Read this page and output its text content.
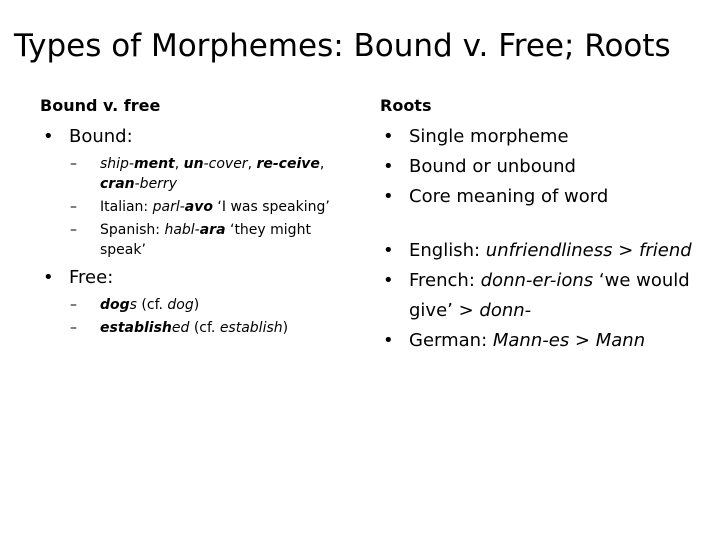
Types of Morphemes: Bound v. Free; Roots
Bound v. free
• Bound:
– ship-ment, un-cover, re-ceive, cran-berry
– Italian: parl-avo ‘I was speaking’
– Spanish: habl-ara ‘they might speak’
• Free:
– dogs (cf. dog)
– established (cf. establish)
Roots
• Single morpheme
• Bound or unbound
• Core meaning of word
• English: unfriendliness > friend
• French: donn-er-ions ‘we would give’ > donn-
• German: Mann-es > Mann
